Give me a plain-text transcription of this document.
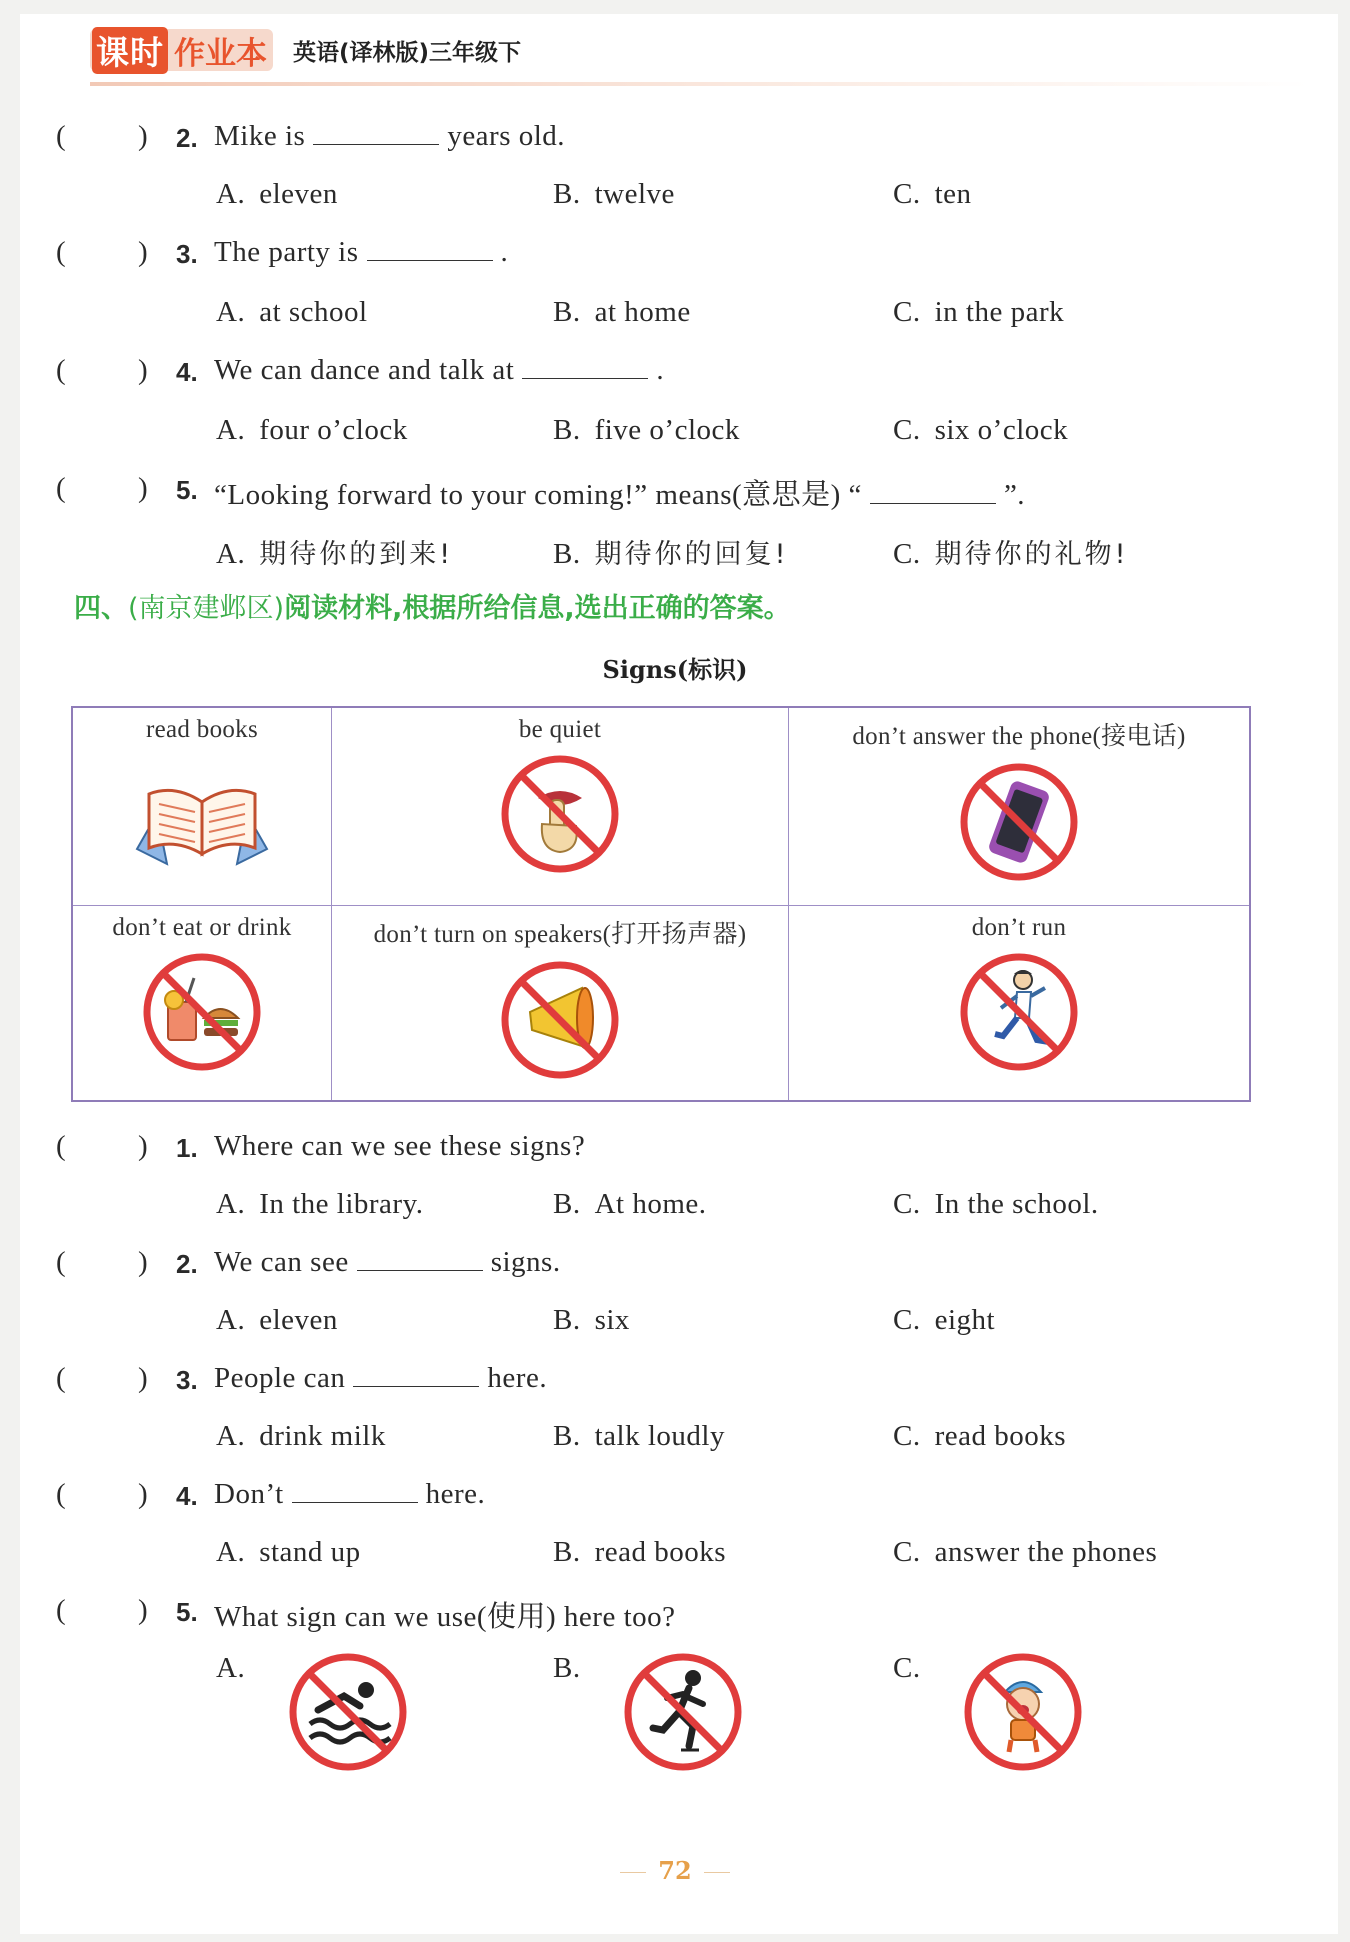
课时 作业本 英语(译林版)三年级下
( ) 2. Mike is	years old.
A. eleven	B. twelve	C. ten
( ) 3. The party is	.
A. at school	B. at home	C. in the park
( ) 4. We can dance and talk at	.
A. four o’clock	B. five o’clock	C. six o’clock
( ) 5. “Looking forward to your coming!” means(意思是) “	”.
A. 期待你的到来!	B. 期待你的回复!	C. 期待你的礼物!
四、(南京建邺区)阅读材料,根据所给信息,选出正确的答案。
Signs(标识)
read books	be quiet	don’t answer the phone(接电话)
don’t eat or drink	don’t turn on speakers(打开扬声器)	don’t run
( ) 1. Where can we see these signs?
A. In the library.	B. At home.	C. In the school.
( ) 2. We can see	signs.
A. eleven	B. six	C. eight
( ) 3. People can	here.
A. drink milk	B. talk loudly	C. read books
( ) 4. Don’t	here.
A. stand up	B. read books	C. answer the phones
( ) 5. What sign can we use(使用) here too?
A.	B.	C.
72
